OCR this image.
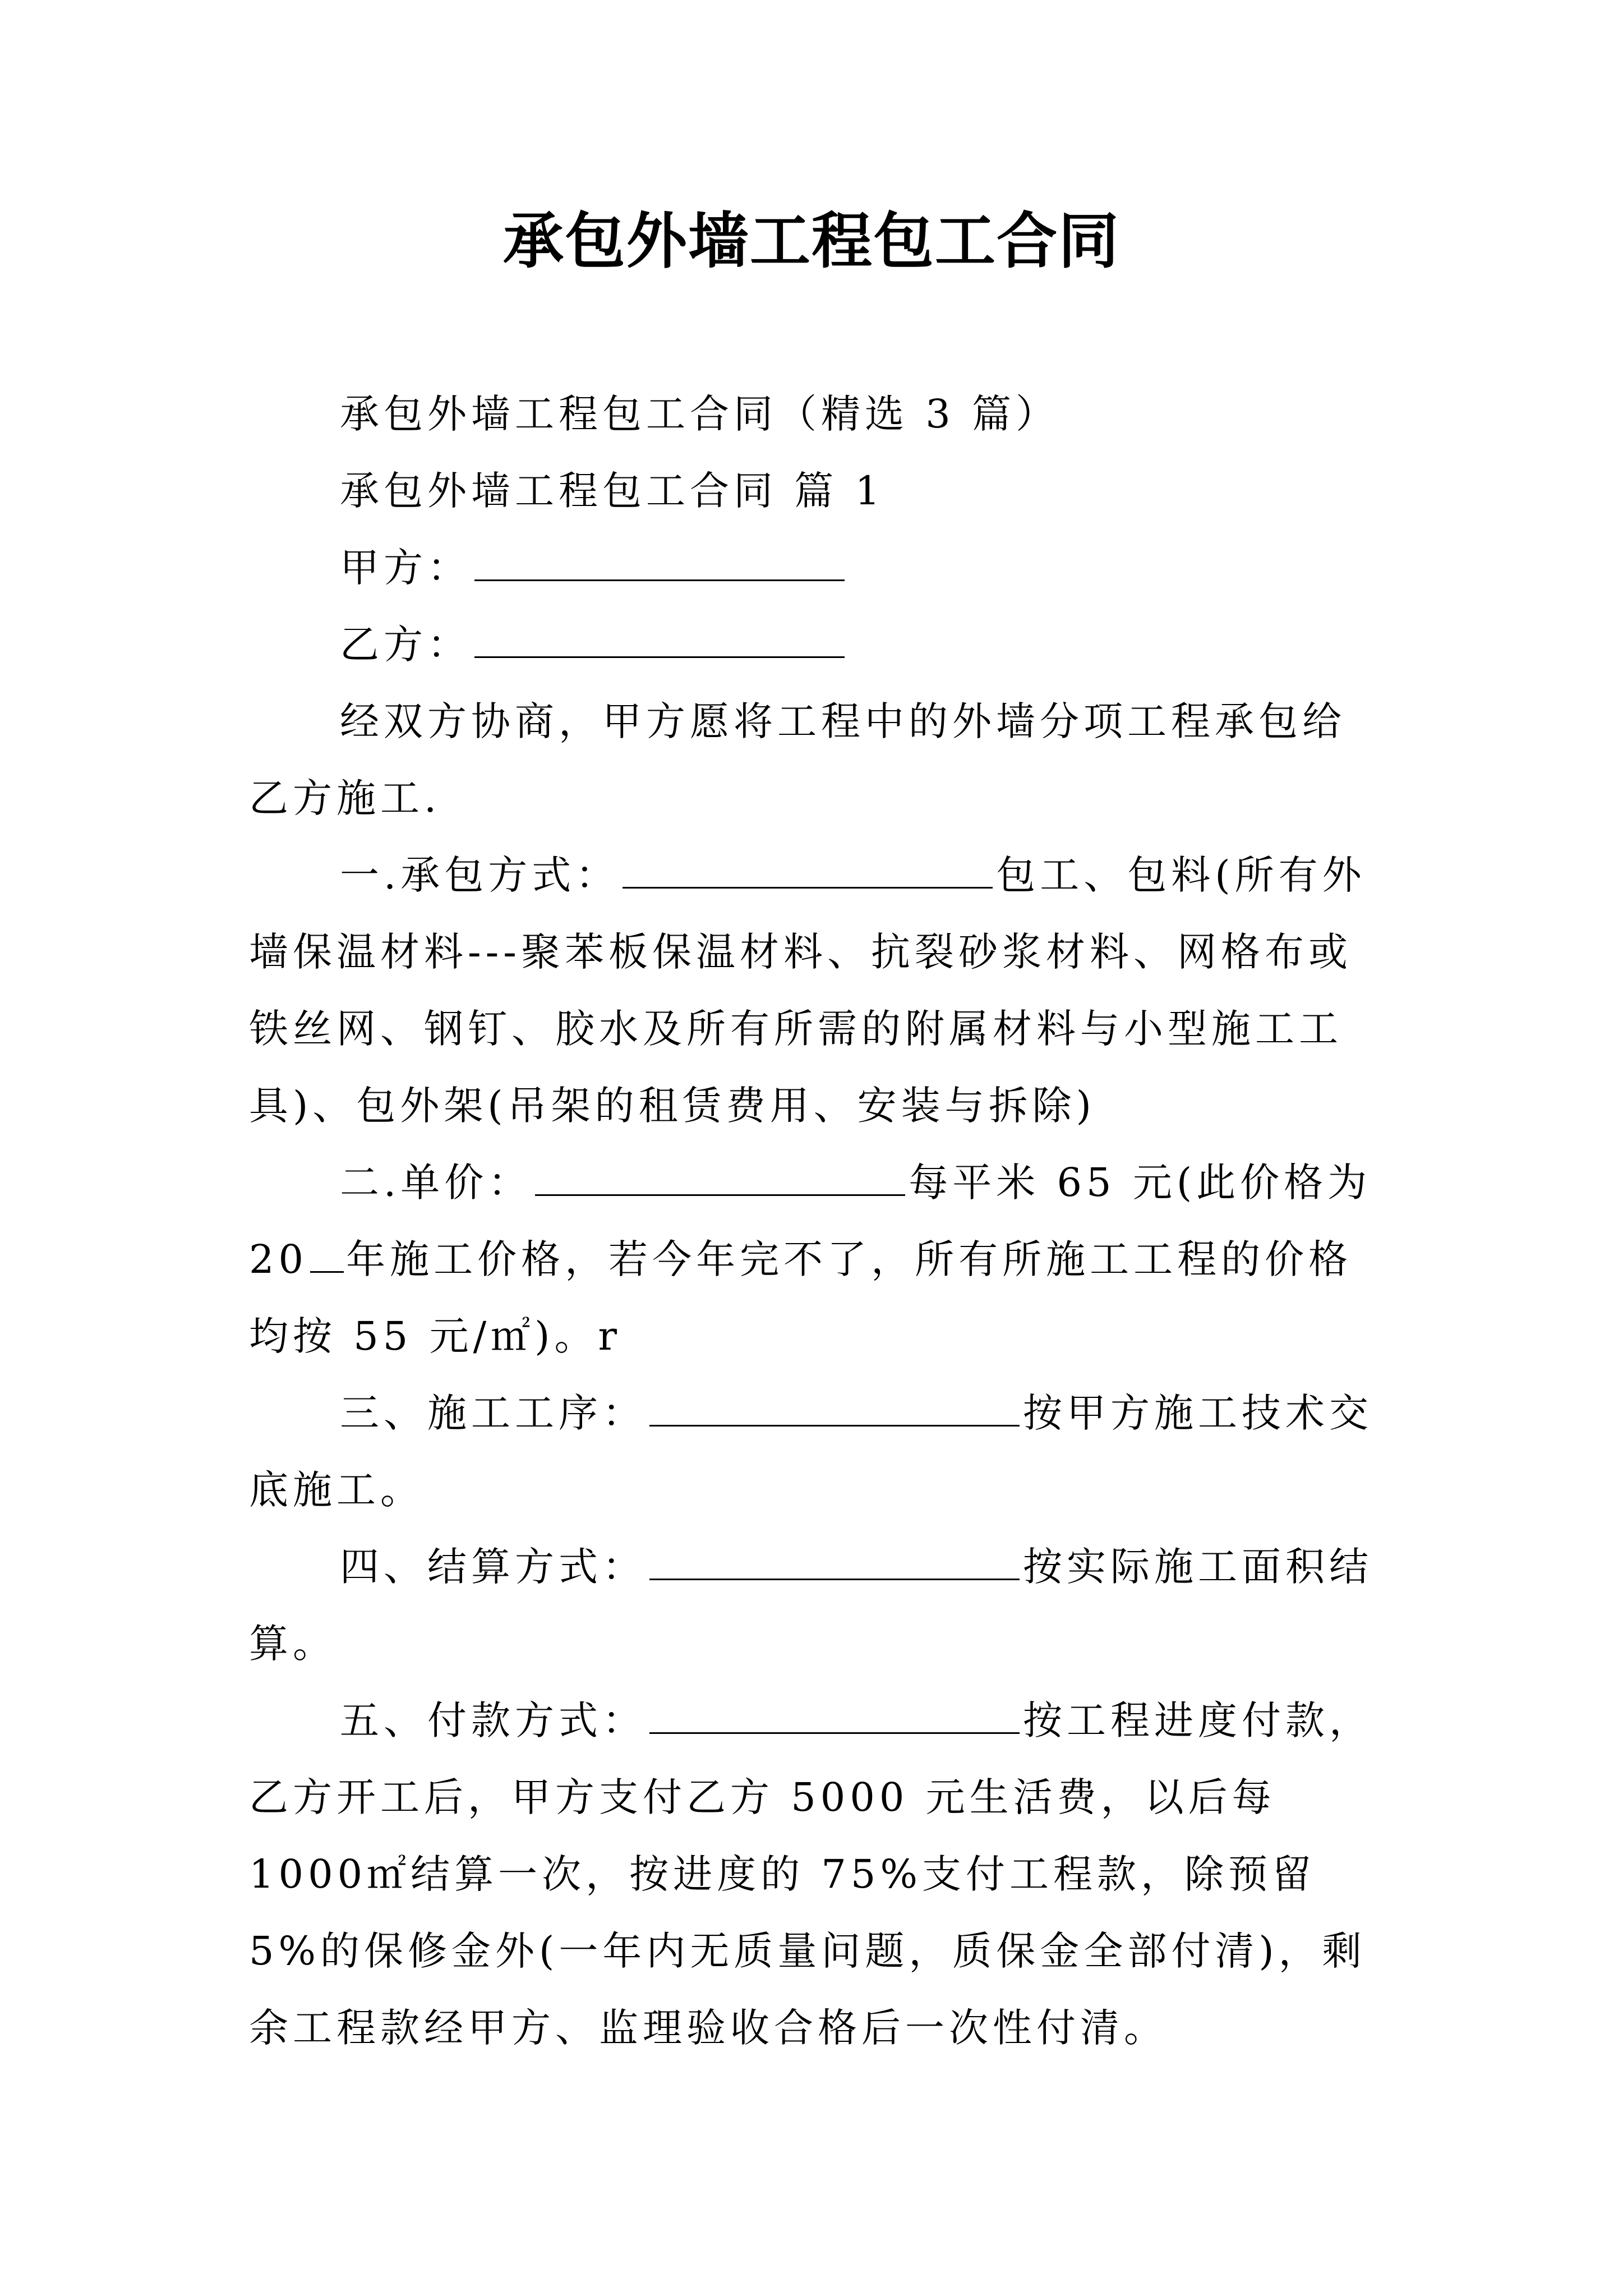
承包外墙工程包工合同

承包外墙工程包工合同（精选 3 篇）

承包外墙工程包工合同 篇 1

甲方：

乙方：

经双方协商，甲方愿将工程中的外墙分项工程承包给乙方施工.

一.承包方式：	包工、包料(所有外墙保温材料---聚苯板保温材料、抗裂砂浆材料、网格布或铁丝网、钢钉、胶水及所有所需的附属材料与小型施工工具)、包外架(吊架的租赁费用、安装与拆除)

二.单价：	每平米 65 元(此价格为 20 年施工价格，若今年完不了，所有所施工工程的价格均按 55 元/㎡)。r

三、施工工序：	按甲方施工技术交底施工。

四、结算方式：	按实际施工面积结算。

五、付款方式：	按工程进度付款，乙方开工后，甲方支付乙方 5000 元生活费，以后每 1000㎡结算一次，按进度的 75%支付工程款，除预留 5%的保修金外(一年内无质量问题，质保金全部付清)，剩余工程款经甲方、监理验收合格后一次性付清。
